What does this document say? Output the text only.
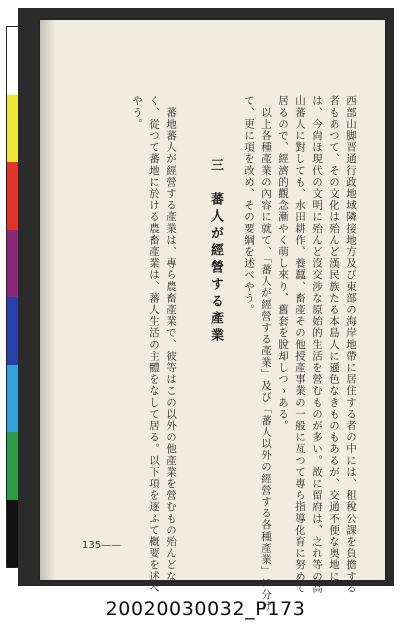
西部山脚晋通行政地域隣接地方及び東部の海岸地帶に居住する者の中には、租稅公課を負擔する
者もあつて、その文化は殆んど漢民族たる本島人に遜色なきものもあるが、交通不便な奥地に
は、今尙ほ現代の文明に殆んど沒交涉な原始的生活を營むものが多い。故に留府は、之れ等の高
山蕃人に對しても、水田耕作、養蠶、畜產その他授產事業の一般に亙つて專ら指導化育に努めて
居るので、經濟的觀念漸やく萌し來り、舊套を脫却しつゝある。
　以上各種產業の內容に就て、「蕃人が經營する產業」及び「蕃人以外の經營する各種產業」に分け
て、更に項を改め、その要綱を述べやう。
三　蕃人が經營する產業
　蕃地蕃人が經營する產業は、專ら農畜產業で、彼等はこの以外の他產業を營むもの殆んどな
く、從つて蕃地に於ける農畜產業は、蕃人生活の主體をなして居る。以下項を逐ふて槪要を述べ
やう。
135——
20020030032_P173
